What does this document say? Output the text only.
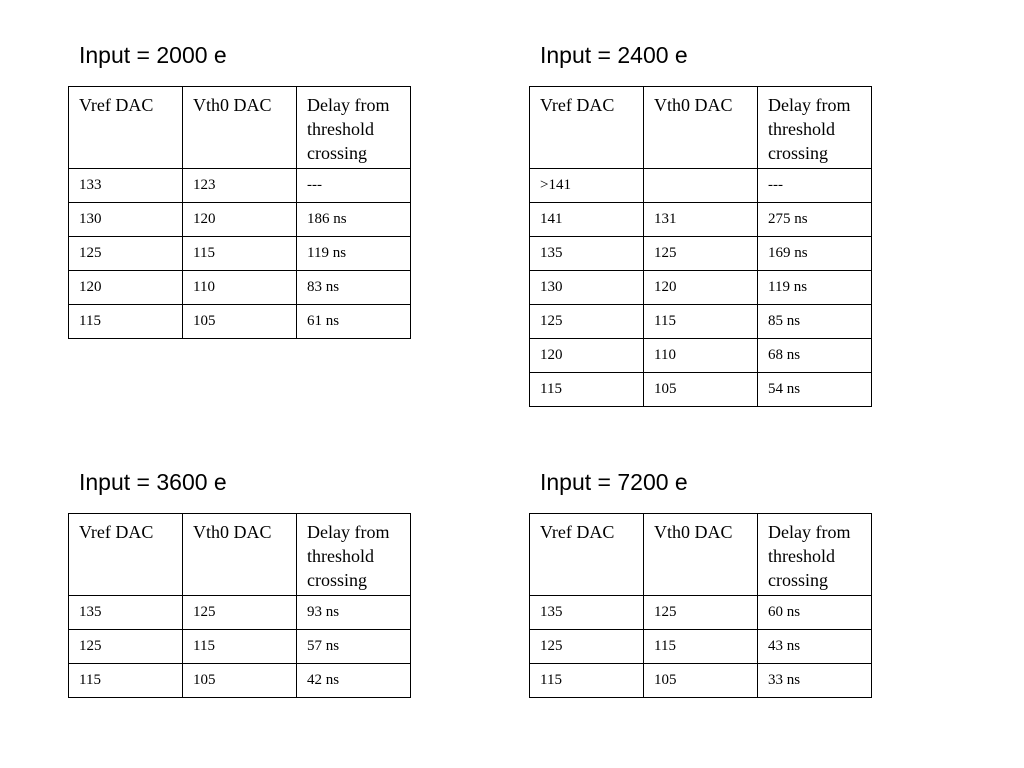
Input = 2000 e
Vref DAC	Vth0 DAC	Delay from threshold crossing
133	123	---
130	120	186 ns
125	115	119 ns
120	110	83 ns
115	105	61 ns
Input = 2400 e
Vref DAC	Vth0 DAC	Delay from threshold crossing
>141		---
141	131	275 ns
135	125	169 ns
130	120	119 ns
125	115	85 ns
120	110	68 ns
115	105	54 ns
Input = 3600 e
Vref DAC	Vth0 DAC	Delay from threshold crossing
135	125	93 ns
125	115	57 ns
115	105	42 ns
Input = 7200 e
Vref DAC	Vth0 DAC	Delay from threshold crossing
135	125	60 ns
125	115	43 ns
115	105	33 ns
